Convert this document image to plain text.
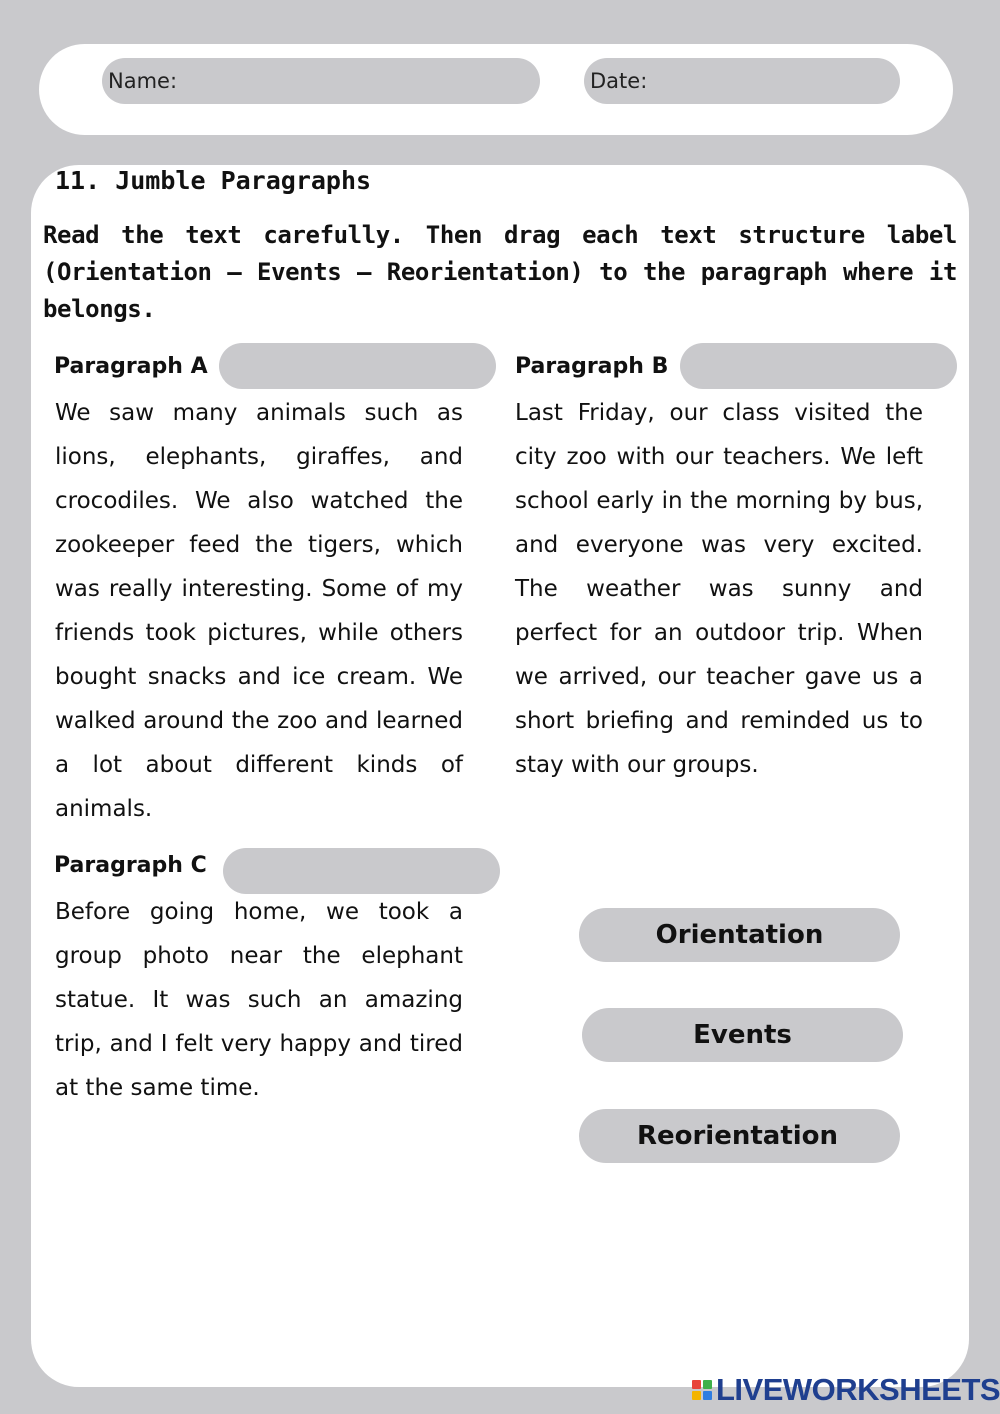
Name:	Date:
11. Jumble Paragraphs
Read the text carefully. Then drag each text structure label (Orientation – Events – Reorientation) to the paragraph where it belongs.
Paragraph A
We saw many animals such as lions, elephants, giraffes, and crocodiles. We also watched the zookeeper feed the tigers, which was really interesting. Some of my friends took pictures, while others bought snacks and ice cream. We walked around the zoo and learned a lot about different kinds of animals.
Paragraph B
Last Friday, our class visited the city zoo with our teachers. We left school early in the morning by bus, and everyone was very excited. The weather was sunny and perfect for an outdoor trip. When we arrived, our teacher gave us a short briefing and reminded us to stay with our groups.
Paragraph C
Before going home, we took a group photo near the elephant statue. It was such an amazing trip, and I felt very happy and tired at the same time.
Orientation
Events
Reorientation
LIVEWORKSHEETS
